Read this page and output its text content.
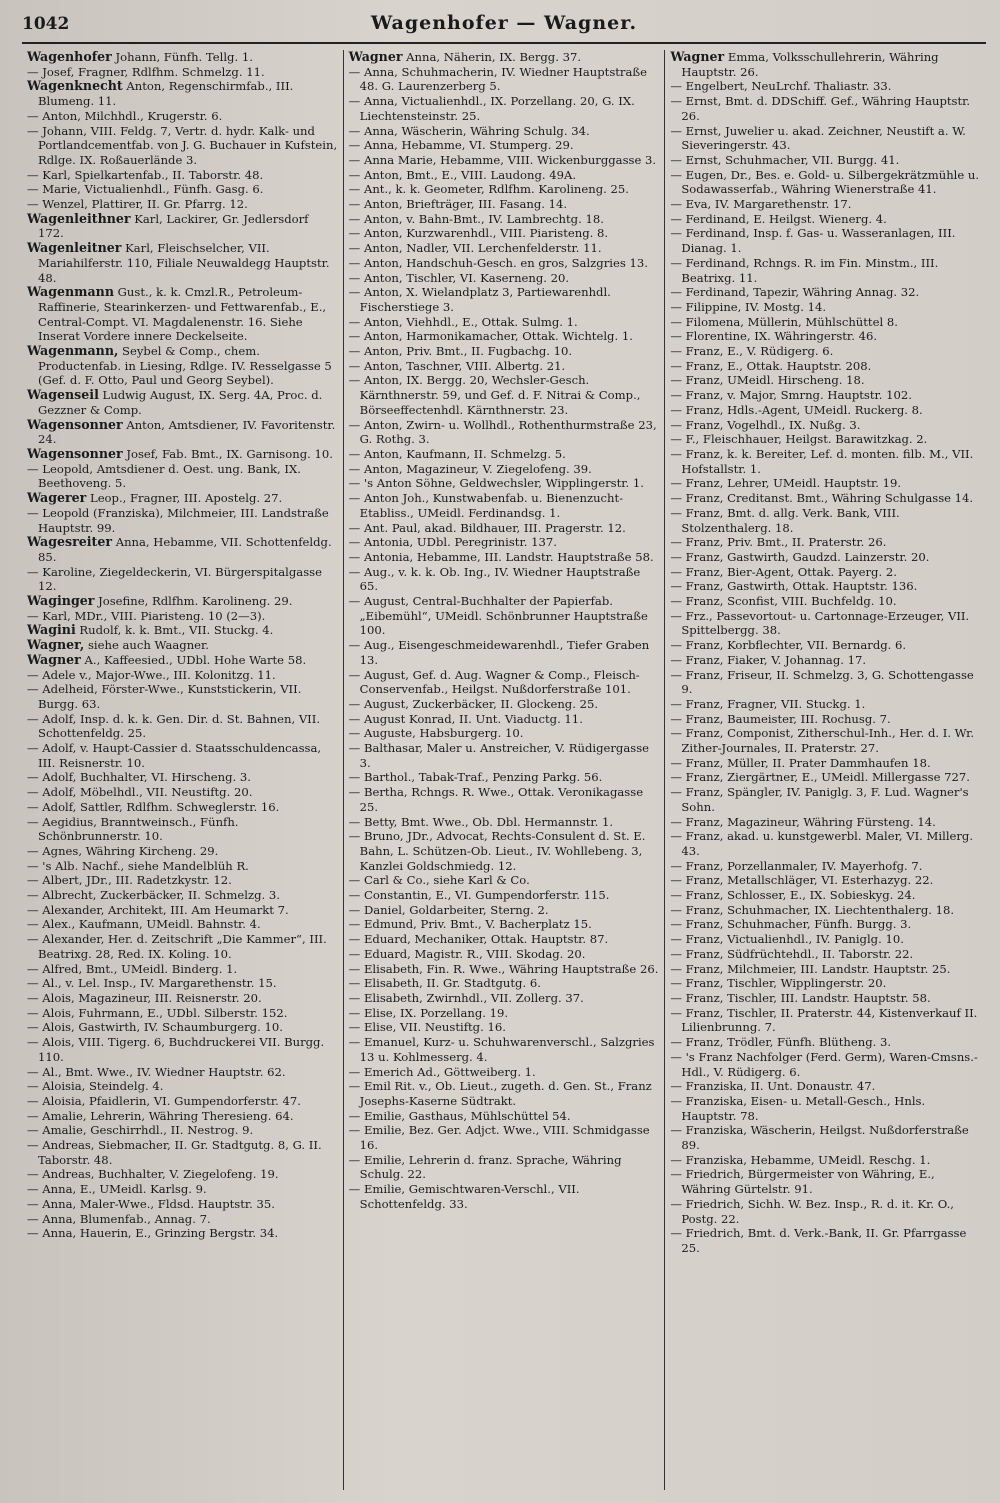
1042	Wagenhofer — Wagner.
Wagenhofer Johann, Fünfh. Tellg. 1.
— Josef, Fragner, Rdlfhm. Schmelzg. 11.
Wagenknecht Anton, Regenschirmfab., III. Blumeng. 11.
— Anton, Milchhdl., Krugerstr. 6.
— Johann, VIII. Feldg. 7, Vertr. d. hydr. Kalk- und Portlandcementfab. von J. G. Buchauer in Kufstein, Rdlge. IX. Roßauerlände 3.
— Karl, Spielkartenfab., II. Taborstr. 48.
— Marie, Victualienhdl., Fünfh. Gasg. 6.
— Wenzel, Plattirer, II. Gr. Pfarrg. 12.
Wagenleithner Karl, Lackirer, Gr. Jedlersdorf 172.
Wagenleitner Karl, Fleischselcher, VII. Mariahilferstr. 110, Filiale Neuwaldegg Hauptstr. 48.
Wagenmann Gust., k. k. Cmzl.R., Petroleum-Raffinerie, Stearinkerzen- und Fettwarenfab., E., Central-Compt. VI. Magdalenenstr. 16. Siehe Inserat Vordere innere Deckelseite.
Wagenmann, Seybel & Comp., chem. Productenfab. in Liesing, Rdlge. IV. Resselgasse 5 (Gef. d. F. Otto, Paul und Georg Seybel).
Wagenseil Ludwig August, IX. Serg. 4A, Proc. d. Gezzner & Comp.
Wagensonner Anton, Amtsdiener, IV. Favoritenstr. 24.
Wagensonner Josef, Fab. Bmt., IX. Garnisong. 10.
— Leopold, Amtsdiener d. Oest. ung. Bank, IX. Beethoveng. 5.
Wagerer Leop., Fragner, III. Apostelg. 27.
— Leopold (Franziska), Milchmeier, III. Landstraße Hauptstr. 99.
Wagesreiter Anna, Hebamme, VII. Schottenfeldg. 85.
— Karoline, Ziegeldeckerin, VI. Bürgerspitalgasse 12.
Waginger Josefine, Rdlfhm. Karolineng. 29.
— Karl, MDr., VIII. Piaristeng. 10 (2—3).
Wagini Rudolf, k. k. Bmt., VII. Stuckg. 4.
Wagner, siehe auch Waagner.
Wagner A., Kaffeesied., UDbl. Hohe Warte 58.
— Adele v., Major-Wwe., III. Kolonitzg. 11.
— Adelheid, Förster-Wwe., Kunststickerin, VII. Burgg. 63.
— Adolf, Insp. d. k. k. Gen. Dir. d. St. Bahnen, VII. Schottenfeldg. 25.
— Adolf, v. Haupt-Cassier d. Staatsschuldencassa, III. Reisnerstr. 10.
— Adolf, Buchhalter, VI. Hirscheng. 3.
— Adolf, Möbelhdl., VII. Neustiftg. 20.
— Adolf, Sattler, Rdlfhm. Schweglerstr. 16.
— Aegidius, Branntweinsch., Fünfh. Schönbrunnerstr. 10.
— Agnes, Währing Kircheng. 29.
— 's Alb. Nachf., siehe Mandelblüh R.
— Albert, JDr., III. Radetzkystr. 12.
— Albrecht, Zuckerbäcker, II. Schmelzg. 3.
— Alexander, Architekt, III. Am Heumarkt 7.
— Alex., Kaufmann, UMeidl. Bahnstr. 4.
— Alexander, Her. d. Zeitschrift „Die Kammer“, III. Beatrixg. 28, Red. IX. Koling. 10.
— Alfred, Bmt., UMeidl. Binderg. 1.
— Al., v. Lel. Insp., IV. Margarethenstr. 15.
— Alois, Magazineur, III. Reisnerstr. 20.
— Alois, Fuhrmann, E., UDbl. Silberstr. 152.
— Alois, Gastwirth, IV. Schaumburgerg. 10.
— Alois, VIII. Tigerg. 6, Buchdruckerei VII. Burgg. 110.
— Al., Bmt. Wwe., IV. Wiedner Hauptstr. 62.
— Aloisia, Steindelg. 4.
— Aloisia, Pfaidlerin, VI. Gumpendorferstr. 47.
— Amalie, Lehrerin, Währing Theresieng. 64.
— Amalie, Geschirrhdl., II. Nestrog. 9.
— Andreas, Siebmacher, II. Gr. Stadtgutg. 8, G. II. Taborstr. 48.
— Andreas, Buchhalter, V. Ziegelofeng. 19.
— Anna, E., UMeidl. Karlsg. 9.
— Anna, Maler-Wwe., Fldsd. Hauptstr. 35.
— Anna, Blumenfab., Annag. 7.
— Anna, Hauerin, E., Grinzing Bergstr. 34.
Wagner Anna, Näherin, IX. Bergg. 37.
— Anna, Schuhmacherin, IV. Wiedner Hauptstraße 48. G. Laurenzerberg 5.
— Anna, Victualienhdl., IX. Porzellang. 20, G. IX. Liechtensteinstr. 25.
— Anna, Wäscherin, Währing Schulg. 34.
— Anna, Hebamme, VI. Stumperg. 29.
— Anna Marie, Hebamme, VIII. Wickenburggasse 3.
— Anton, Bmt., E., VIII. Laudong. 49A.
— Ant., k. k. Geometer, Rdlfhm. Karolineng. 25.
— Anton, Briefträger, III. Fasang. 14.
— Anton, v. Bahn-Bmt., IV. Lambrechtg. 18.
— Anton, Kurzwarenhdl., VIII. Piaristeng. 8.
— Anton, Nadler, VII. Lerchenfelderstr. 11.
— Anton, Handschuh-Gesch. en gros, Salzgries 13.
— Anton, Tischler, VI. Kaserneng. 20.
— Anton, X. Wielandplatz 3, Partiewarenhdl. Fischerstiege 3.
— Anton, Viehhdl., E., Ottak. Sulmg. 1.
— Anton, Harmonikamacher, Ottak. Wichtelg. 1.
— Anton, Priv. Bmt., II. Fugbachg. 10.
— Anton, Taschner, VIII. Albertg. 21.
— Anton, IX. Bergg. 20, Wechsler-Gesch. Kärnthnerstr. 59, und Gef. d. F. Nitrai & Comp., Börseeffectenhdl. Kärnthnerstr. 23.
— Anton, Zwirn- u. Wollhdl., Rothenthurmstraße 23, G. Rothg. 3.
— Anton, Kaufmann, II. Schmelzg. 5.
— Anton, Magazineur, V. Ziegelofeng. 39.
— 's Anton Söhne, Geldwechsler, Wipplingerstr. 1.
— Anton Joh., Kunstwabenfab. u. Bienenzucht-Etabliss., UMeidl. Ferdinandsg. 1.
— Ant. Paul, akad. Bildhauer, III. Pragerstr. 12.
— Antonia, UDbl. Peregrinistr. 137.
— Antonia, Hebamme, III. Landstr. Hauptstraße 58.
— Aug., v. k. k. Ob. Ing., IV. Wiedner Hauptstraße 65.
— August, Central-Buchhalter der Papierfab. „Eibemühl“, UMeidl. Schönbrunner Hauptstraße 100.
— Aug., Eisengeschmeidewarenhdl., Tiefer Graben 13.
— August, Gef. d. Aug. Wagner & Comp., Fleisch-Conservenfab., Heilgst. Nußdorferstraße 101.
— August, Zuckerbäcker, II. Glockeng. 25.
— August Konrad, II. Unt. Viaductg. 11.
— Auguste, Habsburgerg. 10.
— Balthasar, Maler u. Anstreicher, V. Rüdigergasse 3.
— Barthol., Tabak-Traf., Penzing Parkg. 56.
— Bertha, Rchngs. R. Wwe., Ottak. Veronikagasse 25.
— Betty, Bmt. Wwe., Ob. Dbl. Hermannstr. 1.
— Bruno, JDr., Advocat, Rechts-Consulent d. St. E. Bahn, L. Schützen-Ob. Lieut., IV. Wohllebeng. 3, Kanzlei Goldschmiedg. 12.
— Carl & Co., siehe Karl & Co.
— Constantin, E., VI. Gumpendorferstr. 115.
— Daniel, Goldarbeiter, Sterng. 2.
— Edmund, Priv. Bmt., V. Bacherplatz 15.
— Eduard, Mechaniker, Ottak. Hauptstr. 87.
— Eduard, Magistr. R., VIII. Skodag. 20.
— Elisabeth, Fin. R. Wwe., Währing Hauptstraße 26.
— Elisabeth, II. Gr. Stadtgutg. 6.
— Elisabeth, Zwirnhdl., VII. Zollerg. 37.
— Elise, IX. Porzellang. 19.
— Elise, VII. Neustiftg. 16.
— Emanuel, Kurz- u. Schuhwarenverschl., Salzgries 13 u. Kohlmesserg. 4.
— Emerich Ad., Göttweiberg. 1.
— Emil Rit. v., Ob. Lieut., zugeth. d. Gen. St., Franz Josephs-Kaserne Südtrakt.
— Emilie, Gasthaus, Mühlschüttel 54.
— Emilie, Bez. Ger. Adjct. Wwe., VIII. Schmidgasse 16.
— Emilie, Lehrerin d. franz. Sprache, Währing Schulg. 22.
— Emilie, Gemischtwaren-Verschl., VII. Schottenfeldg. 33.
Wagner Emma, Volksschullehrerin, Währing Hauptstr. 26.
— Engelbert, NeuLrchf. Thaliastr. 33.
— Ernst, Bmt. d. DDSchiff. Gef., Währing Hauptstr. 26.
— Ernst, Juwelier u. akad. Zeichner, Neustift a. W. Sieveringerstr. 43.
— Ernst, Schuhmacher, VII. Burgg. 41.
— Eugen, Dr., Bes. e. Gold- u. Silbergekrätzmühle u. Sodawasserfab., Währing Wienerstraße 41.
— Eva, IV. Margarethenstr. 17.
— Ferdinand, E. Heilgst. Wienerg. 4.
— Ferdinand, Insp. f. Gas- u. Wasseranlagen, III. Dianag. 1.
— Ferdinand, Rchngs. R. im Fin. Minstm., III. Beatrixg. 11.
— Ferdinand, Tapezir, Währing Annag. 32.
— Filippine, IV. Mostg. 14.
— Filomena, Müllerin, Mühlschüttel 8.
— Florentine, IX. Währingerstr. 46.
— Franz, E., V. Rüdigerg. 6.
— Franz, E., Ottak. Hauptstr. 208.
— Franz, UMeidl. Hirscheng. 18.
— Franz, v. Major, Smrng. Hauptstr. 102.
— Franz, Hdls.-Agent, UMeidl. Ruckerg. 8.
— Franz, Vogelhdl., IX. Nußg. 3.
— F., Fleischhauer, Heilgst. Barawitzkag. 2.
— Franz, k. k. Bereiter, Lef. d. monten. filb. M., VII. Hofstallstr. 1.
— Franz, Lehrer, UMeidl. Hauptstr. 19.
— Franz, Creditanst. Bmt., Währing Schulgasse 14.
— Franz, Bmt. d. allg. Verk. Bank, VIII. Stolzenthalerg. 18.
— Franz, Priv. Bmt., II. Praterstr. 26.
— Franz, Gastwirth, Gaudzd. Lainzerstr. 20.
— Franz, Bier-Agent, Ottak. Payerg. 2.
— Franz, Gastwirth, Ottak. Hauptstr. 136.
— Franz, Sconfist, VIII. Buchfeldg. 10.
— Frz., Passevortout- u. Cartonnage-Erzeuger, VII. Spittelbergg. 38.
— Franz, Korbflechter, VII. Bernardg. 6.
— Franz, Fiaker, V. Johannag. 17.
— Franz, Friseur, II. Schmelzg. 3, G. Schottengasse 9.
— Franz, Fragner, VII. Stuckg. 1.
— Franz, Baumeister, III. Rochusg. 7.
— Franz, Componist, Zitherschul-Inh., Her. d. I. Wr. Zither-Journales, II. Praterstr. 27.
— Franz, Müller, II. Prater Dammhaufen 18.
— Franz, Ziergärtner, E., UMeidl. Millergasse 727.
— Franz, Spängler, IV. Paniglg. 3, F. Lud. Wagner's Sohn.
— Franz, Magazineur, Währing Fürsteng. 14.
— Franz, akad. u. kunstgewerbl. Maler, VI. Millerg. 43.
— Franz, Porzellanmaler, IV. Mayerhofg. 7.
— Franz, Metallschläger, VI. Esterhazyg. 22.
— Franz, Schlosser, E., IX. Sobieskyg. 24.
— Franz, Schuhmacher, IX. Liechtenthalerg. 18.
— Franz, Schuhmacher, Fünfh. Burgg. 3.
— Franz, Victualienhdl., IV. Paniglg. 10.
— Franz, Südfrüchtehdl., II. Taborstr. 22.
— Franz, Milchmeier, III. Landstr. Hauptstr. 25.
— Franz, Tischler, Wipplingerstr. 20.
— Franz, Tischler, III. Landstr. Hauptstr. 58.
— Franz, Tischler, II. Praterstr. 44, Kistenverkauf II. Lilienbrunng. 7.
— Franz, Trödler, Fünfh. Blütheng. 3.
— 's Franz Nachfolger (Ferd. Germ), Waren-Cmsns.-Hdl., V. Rüdigerg. 6.
— Franziska, II. Unt. Donaustr. 47.
— Franziska, Eisen- u. Metall-Gesch., Hnls. Hauptstr. 78.
— Franziska, Wäscherin, Heilgst. Nußdorferstraße 89.
— Franziska, Hebamme, UMeidl. Reschg. 1.
— Friedrich, Bürgermeister von Währing, E., Währing Gürtelstr. 91.
— Friedrich, Sichh. W. Bez. Insp., R. d. it. Kr. O., Postg. 22.
— Friedrich, Bmt. d. Verk.-Bank, II. Gr. Pfarrgasse 25.
